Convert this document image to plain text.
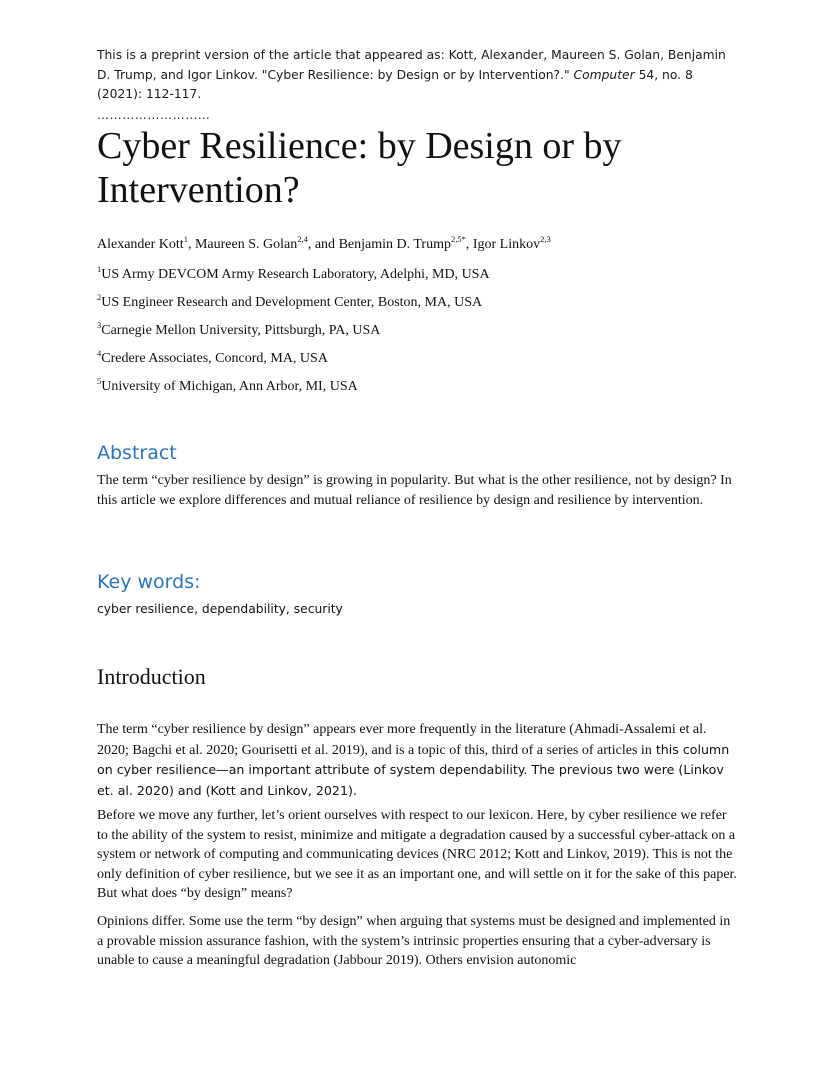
This is a preprint version of the article that appeared as: Kott, Alexander, Maureen S. Golan, Benjamin D. Trump, and Igor Linkov. "Cyber Resilience: by Design or by Intervention?." Computer 54, no. 8 (2021): 112-117.
………………………
Cyber Resilience: by Design or by Intervention?
Alexander Kott$^1$, Maureen S. Golan$^{2,4}$, and Benjamin D. Trump$^{2,5*}$, Igor Linkov$^{2,3}$
$^1$US Army DEVCOM Army Research Laboratory, Adelphi, MD, USA
$^2$US Engineer Research and Development Center, Boston, MA, USA
$^3$Carnegie Mellon University, Pittsburgh, PA, USA
$^4$Credere Associates, Concord, MA, USA
$^5$University of Michigan, Ann Arbor, MI, USA
Abstract
The term “cyber resilience by design” is growing in popularity. But what is the other resilience, not by design? In this article we explore differences and mutual reliance of resilience by design and resilience by intervention.
Key words:
cyber resilience, dependability, security
Introduction

The term “cyber resilience by design” appears ever more frequently in the literature (Ahmadi-Assalemi et al. 2020; Bagchi et al. 2020; Gourisetti et al. 2019), and is a topic of this, third of a series of articles in this column on cyber resilience—an important attribute of system dependability. The previous two were (Linkov et. al. 2020) and (Kott and Linkov, 2021).

Before we move any further, let’s orient ourselves with respect to our lexicon. Here, by cyber resilience we refer to the ability of the system to resist, minimize and mitigate a degradation caused by a successful cyber-attack on a system or network of computing and communicating devices (NRC 2012; Kott and Linkov, 2019). This is not the only definition of cyber resilience, but we see it as an important one, and will settle on it for the sake of this paper. But what does “by design” means?

Opinions differ. Some use the term “by design” when arguing that systems must be designed and implemented in a provable mission assurance fashion, with the system’s intrinsic properties ensuring that a cyber-adversary is unable to cause a meaningful degradation (Jabbour 2019). Others envision autonomic
